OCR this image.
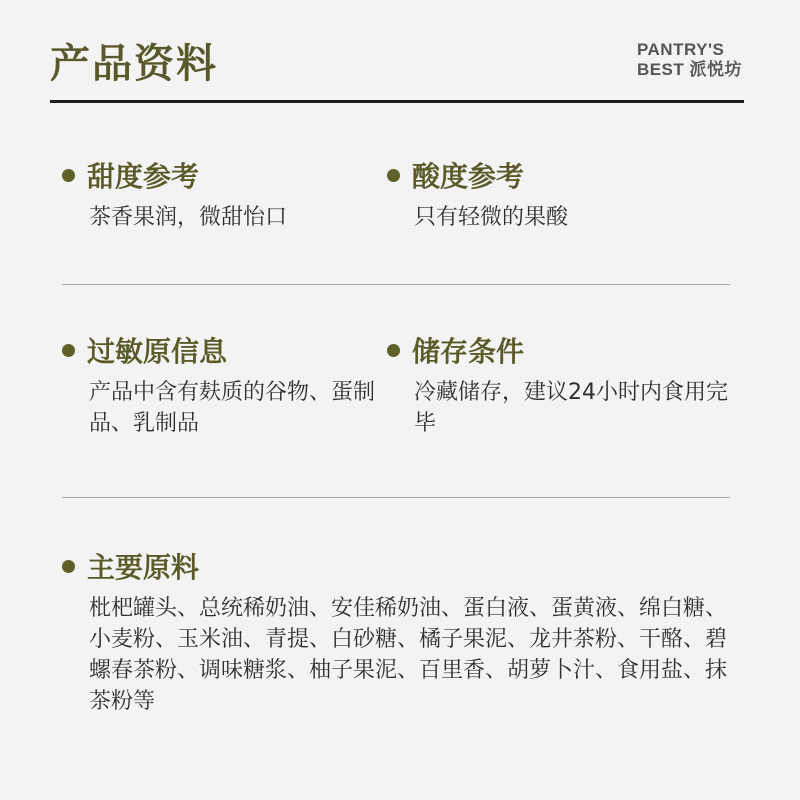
产品资料	PANTRY'S
BEST 派悦坊
甜度参考
茶香果润，微甜怡口
酸度参考
只有轻微的果酸
过敏原信息
产品中含有麸质的谷物、蛋制品、乳制品
储存条件
冷藏储存，建议24小时内食用完毕
主要原料
枇杷罐头、总统稀奶油、安佳稀奶油、蛋白液、蛋黄液、绵白糖、小麦粉、玉米油、青提、白砂糖、橘子果泥、龙井茶粉、干酪、碧螺春茶粉、调味糖浆、柚子果泥、百里香、胡萝卜汁、食用盐、抹茶粉等
